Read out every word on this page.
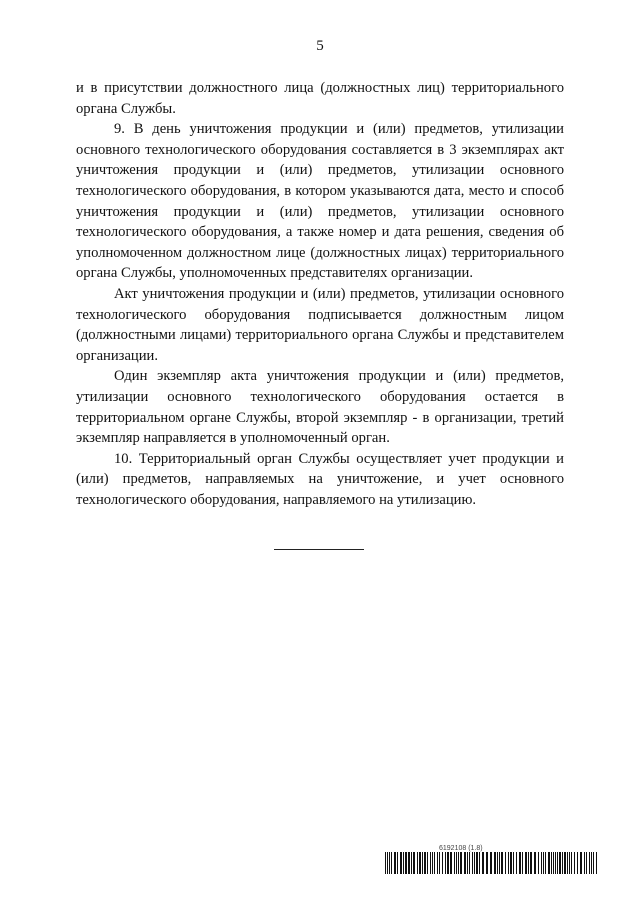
5

и в присутствии должностного лица (должностных лиц) территориального органа Службы.

9. В день уничтожения продукции и (или) предметов, утилизации основного технологического оборудования составляется в 3 экземплярах акт уничтожения продукции и (или) предметов, утилизации основного технологического оборудования, в котором указываются дата, место и способ уничтожения продукции и (или) предметов, утилизации основного технологического оборудования, а также номер и дата решения, сведения об уполномоченном должностном лице (должностных лицах) территориального органа Службы, уполномоченных представителях организации.

Акт уничтожения продукции и (или) предметов, утилизации основного технологического оборудования подписывается должностным лицом (должностными лицами) территориального органа Службы и представителем организации.

Один экземпляр акта уничтожения продукции и (или) предметов, утилизации основного технологического оборудования остается в территориальном органе Службы, второй экземпляр - в организации, третий экземпляр направляется в уполномоченный орган.

10. Территориальный орган Службы осуществляет учет продукции и (или) предметов, направляемых на уничтожение, и учет основного технологического оборудования, направляемого на утилизацию.

6192108 (1.8)
